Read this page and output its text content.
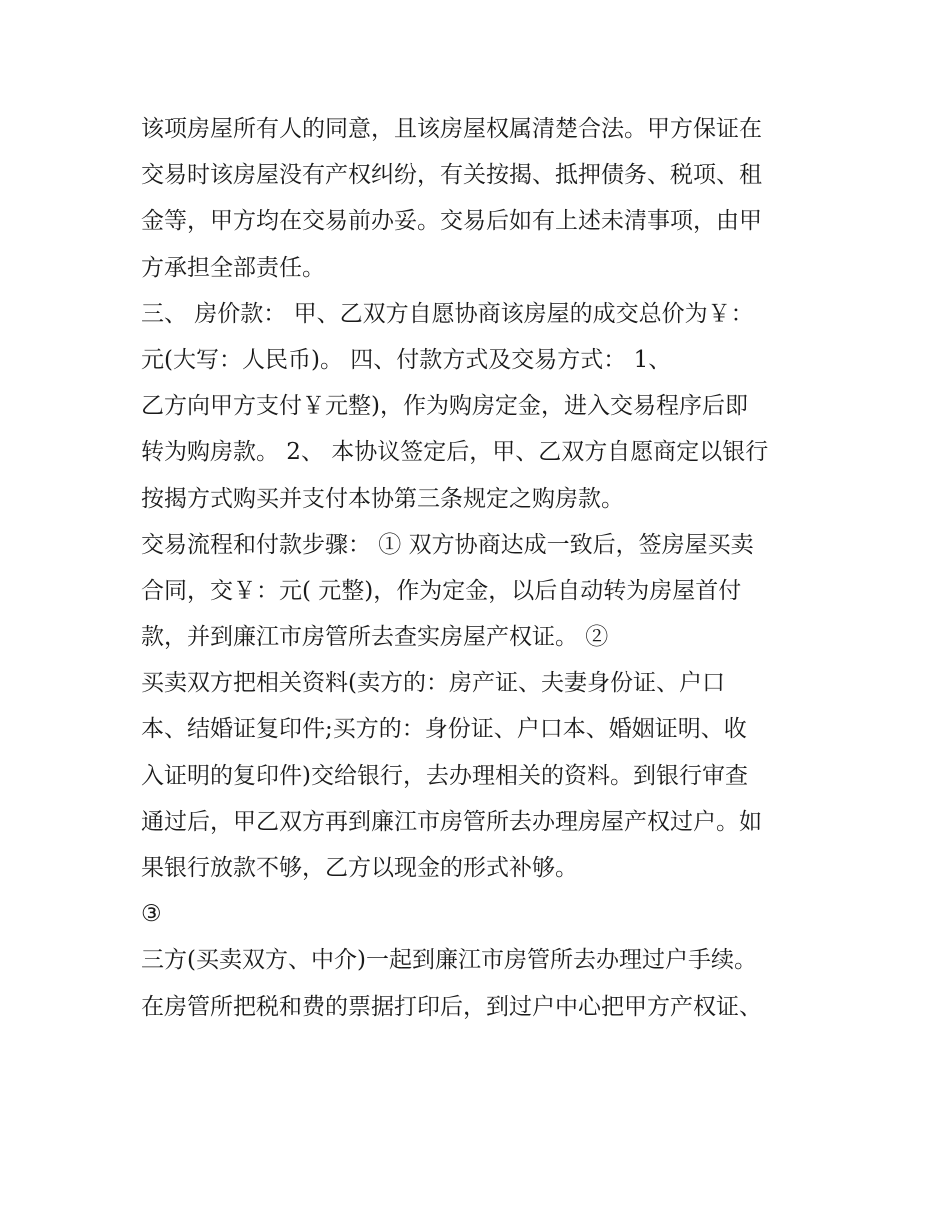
该项房屋所有人的同意，且该房屋权属清楚合法。甲方保证在
交易时该房屋没有产权纠纷，有关按揭、抵押债务、税项、租
金等，甲方均在交易前办妥。交易后如有上述未清事项，由甲
方承担全部责任。
三、 房价款： 甲、乙双方自愿协商该房屋的成交总价为￥：
元(大写：人民币)。 四、付款方式及交易方式： 1、
乙方向甲方支付￥元整)，作为购房定金，进入交易程序后即
转为购房款。 2、 本协议签定后，甲、乙双方自愿商定以银行
按揭方式购买并支付本协第三条规定之购房款。
交易流程和付款步骤： ① 双方协商达成一致后，签房屋买卖
合同，交￥：元( 元整)，作为定金，以后自动转为房屋首付
款，并到廉江市房管所去查实房屋产权证。 ②
买卖双方把相关资料(卖方的：房产证、夫妻身份证、户口
本、结婚证复印件;买方的：身份证、户口本、婚姻证明、收
入证明的复印件)交给银行，去办理相关的资料。到银行审查
通过后，甲乙双方再到廉江市房管所去办理房屋产权过户。如
果银行放款不够，乙方以现金的形式补够。
③
三方(买卖双方、中介)一起到廉江市房管所去办理过户手续。
在房管所把税和费的票据打印后，到过户中心把甲方产权证、
